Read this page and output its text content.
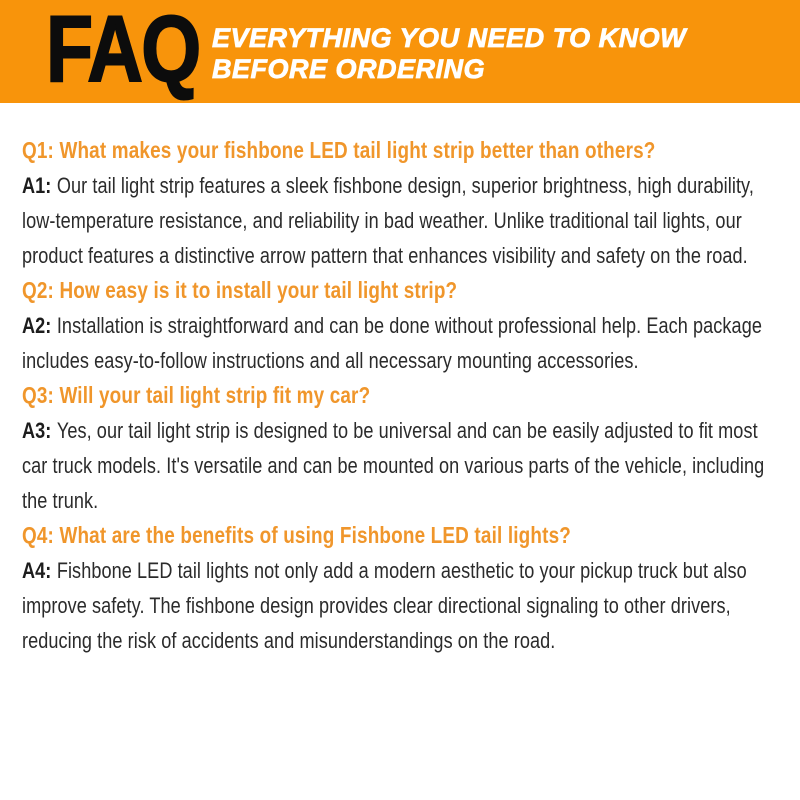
FAQ EVERYTHING YOU NEED TO KNOW
BEFORE ORDERING
Q1: What makes your fishbone LED tail light strip better than others?

A1: Our tail light strip features a sleek fishbone design, superior brightness, high durability, low-temperature resistance, and reliability in bad weather. Unlike traditional tail lights, our product features a distinctive arrow pattern that enhances visibility and safety on the road.

Q2: How easy is it to install your tail light strip?

A2: Installation is straightforward and can be done without professional help. Each package includes easy-to-follow instructions and all necessary mounting accessories.

Q3: Will your tail light strip fit my car?

A3: Yes, our tail light strip is designed to be universal and can be easily adjusted to fit most car truck models. It's versatile and can be mounted on various parts of the vehicle, including the trunk.

Q4: What are the benefits of using Fishbone LED tail lights?

A4: Fishbone LED tail lights not only add a modern aesthetic to your pickup truck but also improve safety. The fishbone design provides clear directional signaling to other drivers, reducing the risk of accidents and misunderstandings on the road.
